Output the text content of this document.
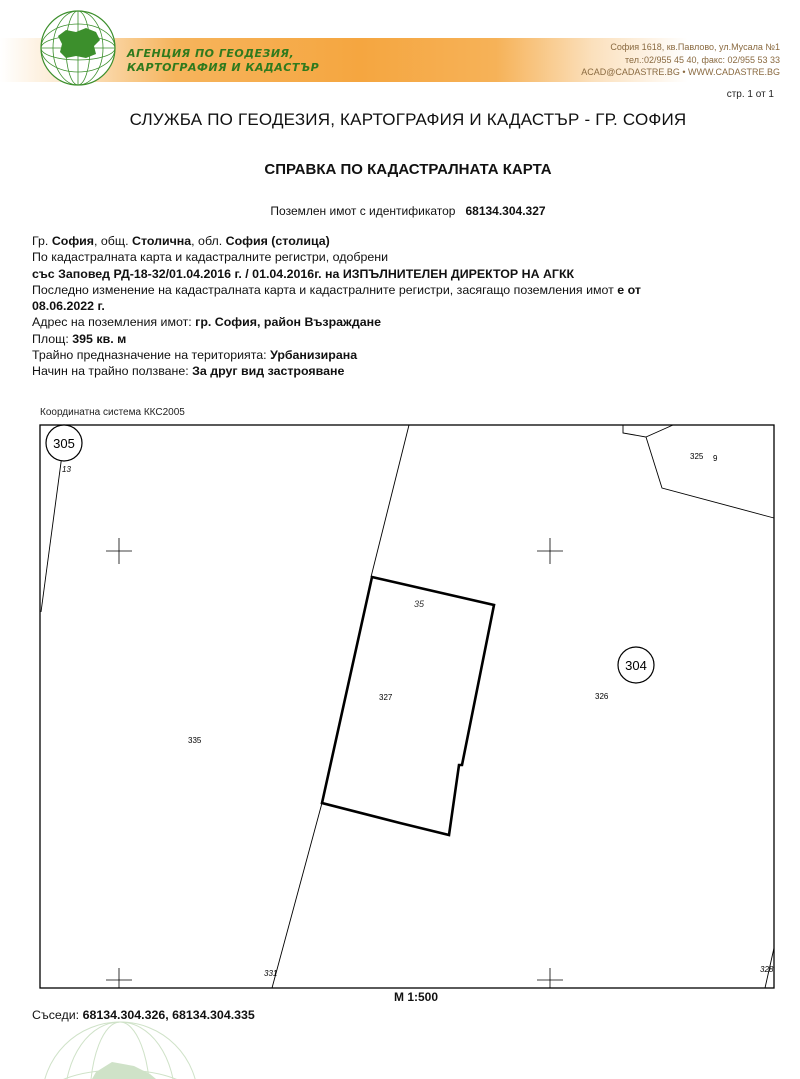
АГЕНЦИЯ ПО ГЕОДЕЗИЯ,
КАРТОГРАФИЯ И КАДАСТЪР
София 1618, кв.Павлово, ул.Мусала №1
тел.:02/955 45 40, факс: 02/955 53 33
ACAD@CADASTRE.BG • WWW.CADASTRE.BG
стр. 1 от 1
СЛУЖБА ПО ГЕОДЕЗИЯ, КАРТОГРАФИЯ И КАДАСТЪР - ГР. СОФИЯ
СПРАВКА ПО КАДАСТРАЛНАТА КАРТА
Поземлен имот с идентификатор 68134.304.327
Гр. София, общ. Столична, обл. София (столица)
По кадастралната карта и кадастралните регистри, одобрени
със Заповед РД-18-32/01.04.2016 г. / 01.04.2016г. на ИЗПЪЛНИТЕЛЕН ДИРЕКТОР НА АГКК
Последно изменение на кадастралната карта и кадастралните регистри, засягащо поземления имот е от
08.06.2022 г.
Адрес на поземления имот: гр. София, район Възраждане
Площ: 395 кв. м
Трайно предназначение на територията: Урбанизирана
Начин на трайно ползване: За друг вид застрояване
Координатна система ККС2005
305
304
13
325 9
35
327	326
335
331	328
М 1:500
Съседи: 68134.304.326, 68134.304.335
